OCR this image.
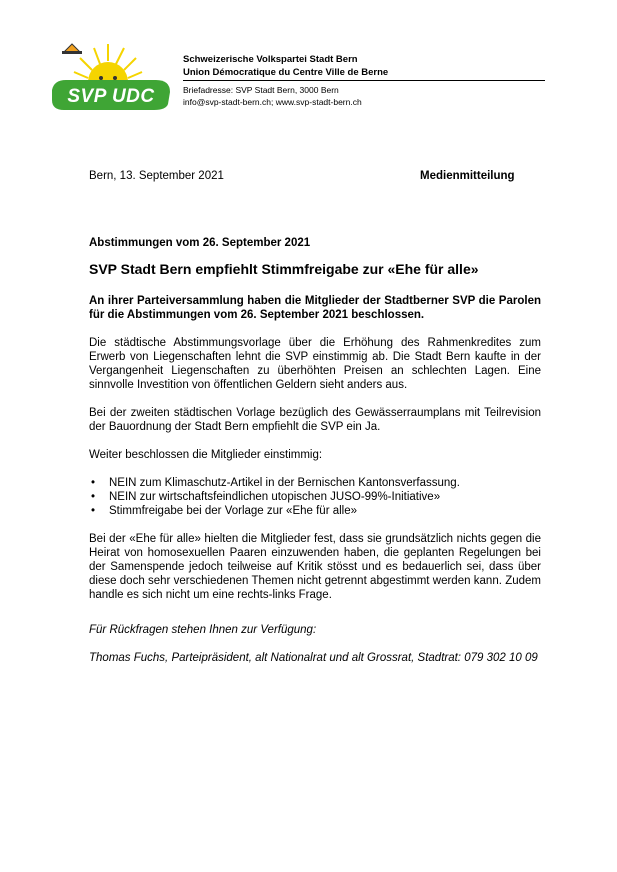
SVP UDC
Schweizerische Volkspartei Stadt Bern
Union Démocratique du Centre Ville de Berne
Briefadresse: SVP Stadt Bern, 3000 Bern
info@svp-stadt-bern.ch; www.svp-stadt-bern.ch
Bern, 13. September 2021	Medienmitteilung
Abstimmungen vom 26. September 2021
SVP Stadt Bern empfiehlt Stimmfreigabe zur «Ehe für alle»

An ihrer Parteiversammlung haben die Mitglieder der Stadtberner SVP die Parolen für die Abstimmungen vom 26. September 2021 beschlossen.

Die städtische Abstimmungsvorlage über die Erhöhung des Rahmenkredites zum Erwerb von Liegenschaften lehnt die SVP einstimmig ab. Die Stadt Bern kaufte in der Vergangenheit Liegenschaften zu überhöhten Preisen an schlechten Lagen. Eine sinnvolle Investition von öffentlichen Geldern sieht anders aus.

Bei der zweiten städtischen Vorlage bezüglich des Gewässerraumplans mit Teilrevision der Bauordnung der Stadt Bern empfiehlt die SVP ein Ja.

Weiter beschlossen die Mitglieder einstimmig:

• NEIN zum Klimaschutz-Artikel in der Bernischen Kantonsverfassung.
• NEIN zur wirtschaftsfeindlichen utopischen JUSO-99%-Initiative»
• Stimmfreigabe bei der Vorlage zur «Ehe für alle»

Bei der «Ehe für alle» hielten die Mitglieder fest, dass sie grundsätzlich nichts gegen die Heirat von homosexuellen Paaren einzuwenden haben, die geplanten Regelungen bei der Samenspende jedoch teilweise auf Kritik stösst und es bedauerlich sei, dass über diese doch sehr verschiedenen Themen nicht getrennt abgestimmt werden kann. Zudem handle es sich nicht um eine rechts-links Frage.

Für Rückfragen stehen Ihnen zur Verfügung:
Thomas Fuchs, Parteipräsident, alt Nationalrat und alt Grossrat, Stadtrat: 079 302 10 09
